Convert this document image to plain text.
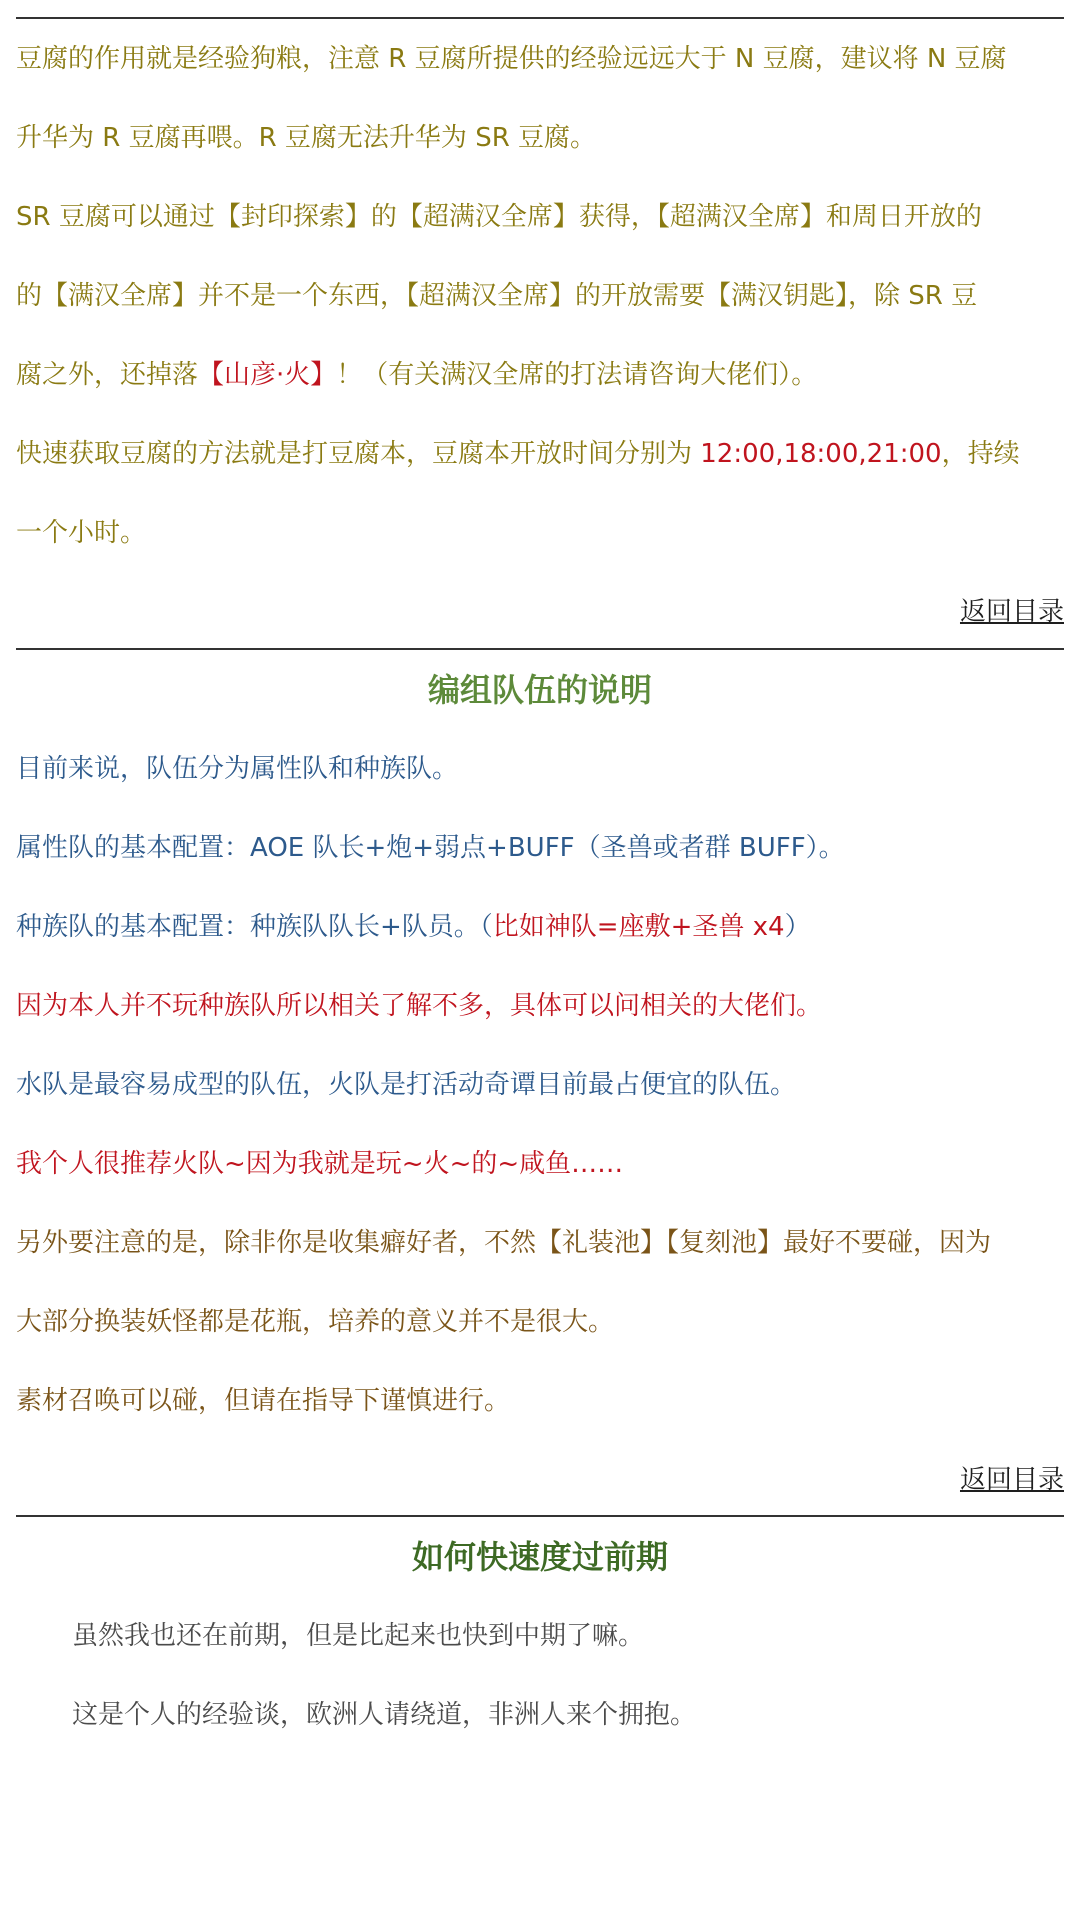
豆腐的作用就是经验狗粮，注意 R 豆腐所提供的经验远远大于 N 豆腐，建议将 N 豆腐

升华为 R 豆腐再喂。R 豆腐无法升华为 SR 豆腐。

SR 豆腐可以通过【封印探索】的【超满汉全席】获得，【超满汉全席】和周日开放的

的【满汉全席】并不是一个东西，【超满汉全席】的开放需要【满汉钥匙】，除 SR 豆

腐之外，还掉落【山彦·火】！（有关满汉全席的打法请咨询大佬们）。

快速获取豆腐的方法就是打豆腐本，豆腐本开放时间分别为 12:00,18:00,21:00，持续

一个小时。

返回目录
编组队伍的说明

目前来说，队伍分为属性队和种族队。

属性队的基本配置：AOE 队长+炮+弱点+BUFF（圣兽或者群 BUFF）。

种族队的基本配置：种族队队长+队员。（比如神队=座敷+圣兽 x4）

因为本人并不玩种族队所以相关了解不多，具体可以问相关的大佬们。

水队是最容易成型的队伍，火队是打活动奇谭目前最占便宜的队伍。

我个人很推荐火队~因为我就是玩~火~的~咸鱼……

另外要注意的是，除非你是收集癖好者，不然【礼装池】【复刻池】最好不要碰，因为

大部分换装妖怪都是花瓶，培养的意义并不是很大。

素材召唤可以碰，但请在指导下谨慎进行。

返回目录
如何快速度过前期

虽然我也还在前期，但是比起来也快到中期了嘛。

这是个人的经验谈，欧洲人请绕道，非洲人来个拥抱。
